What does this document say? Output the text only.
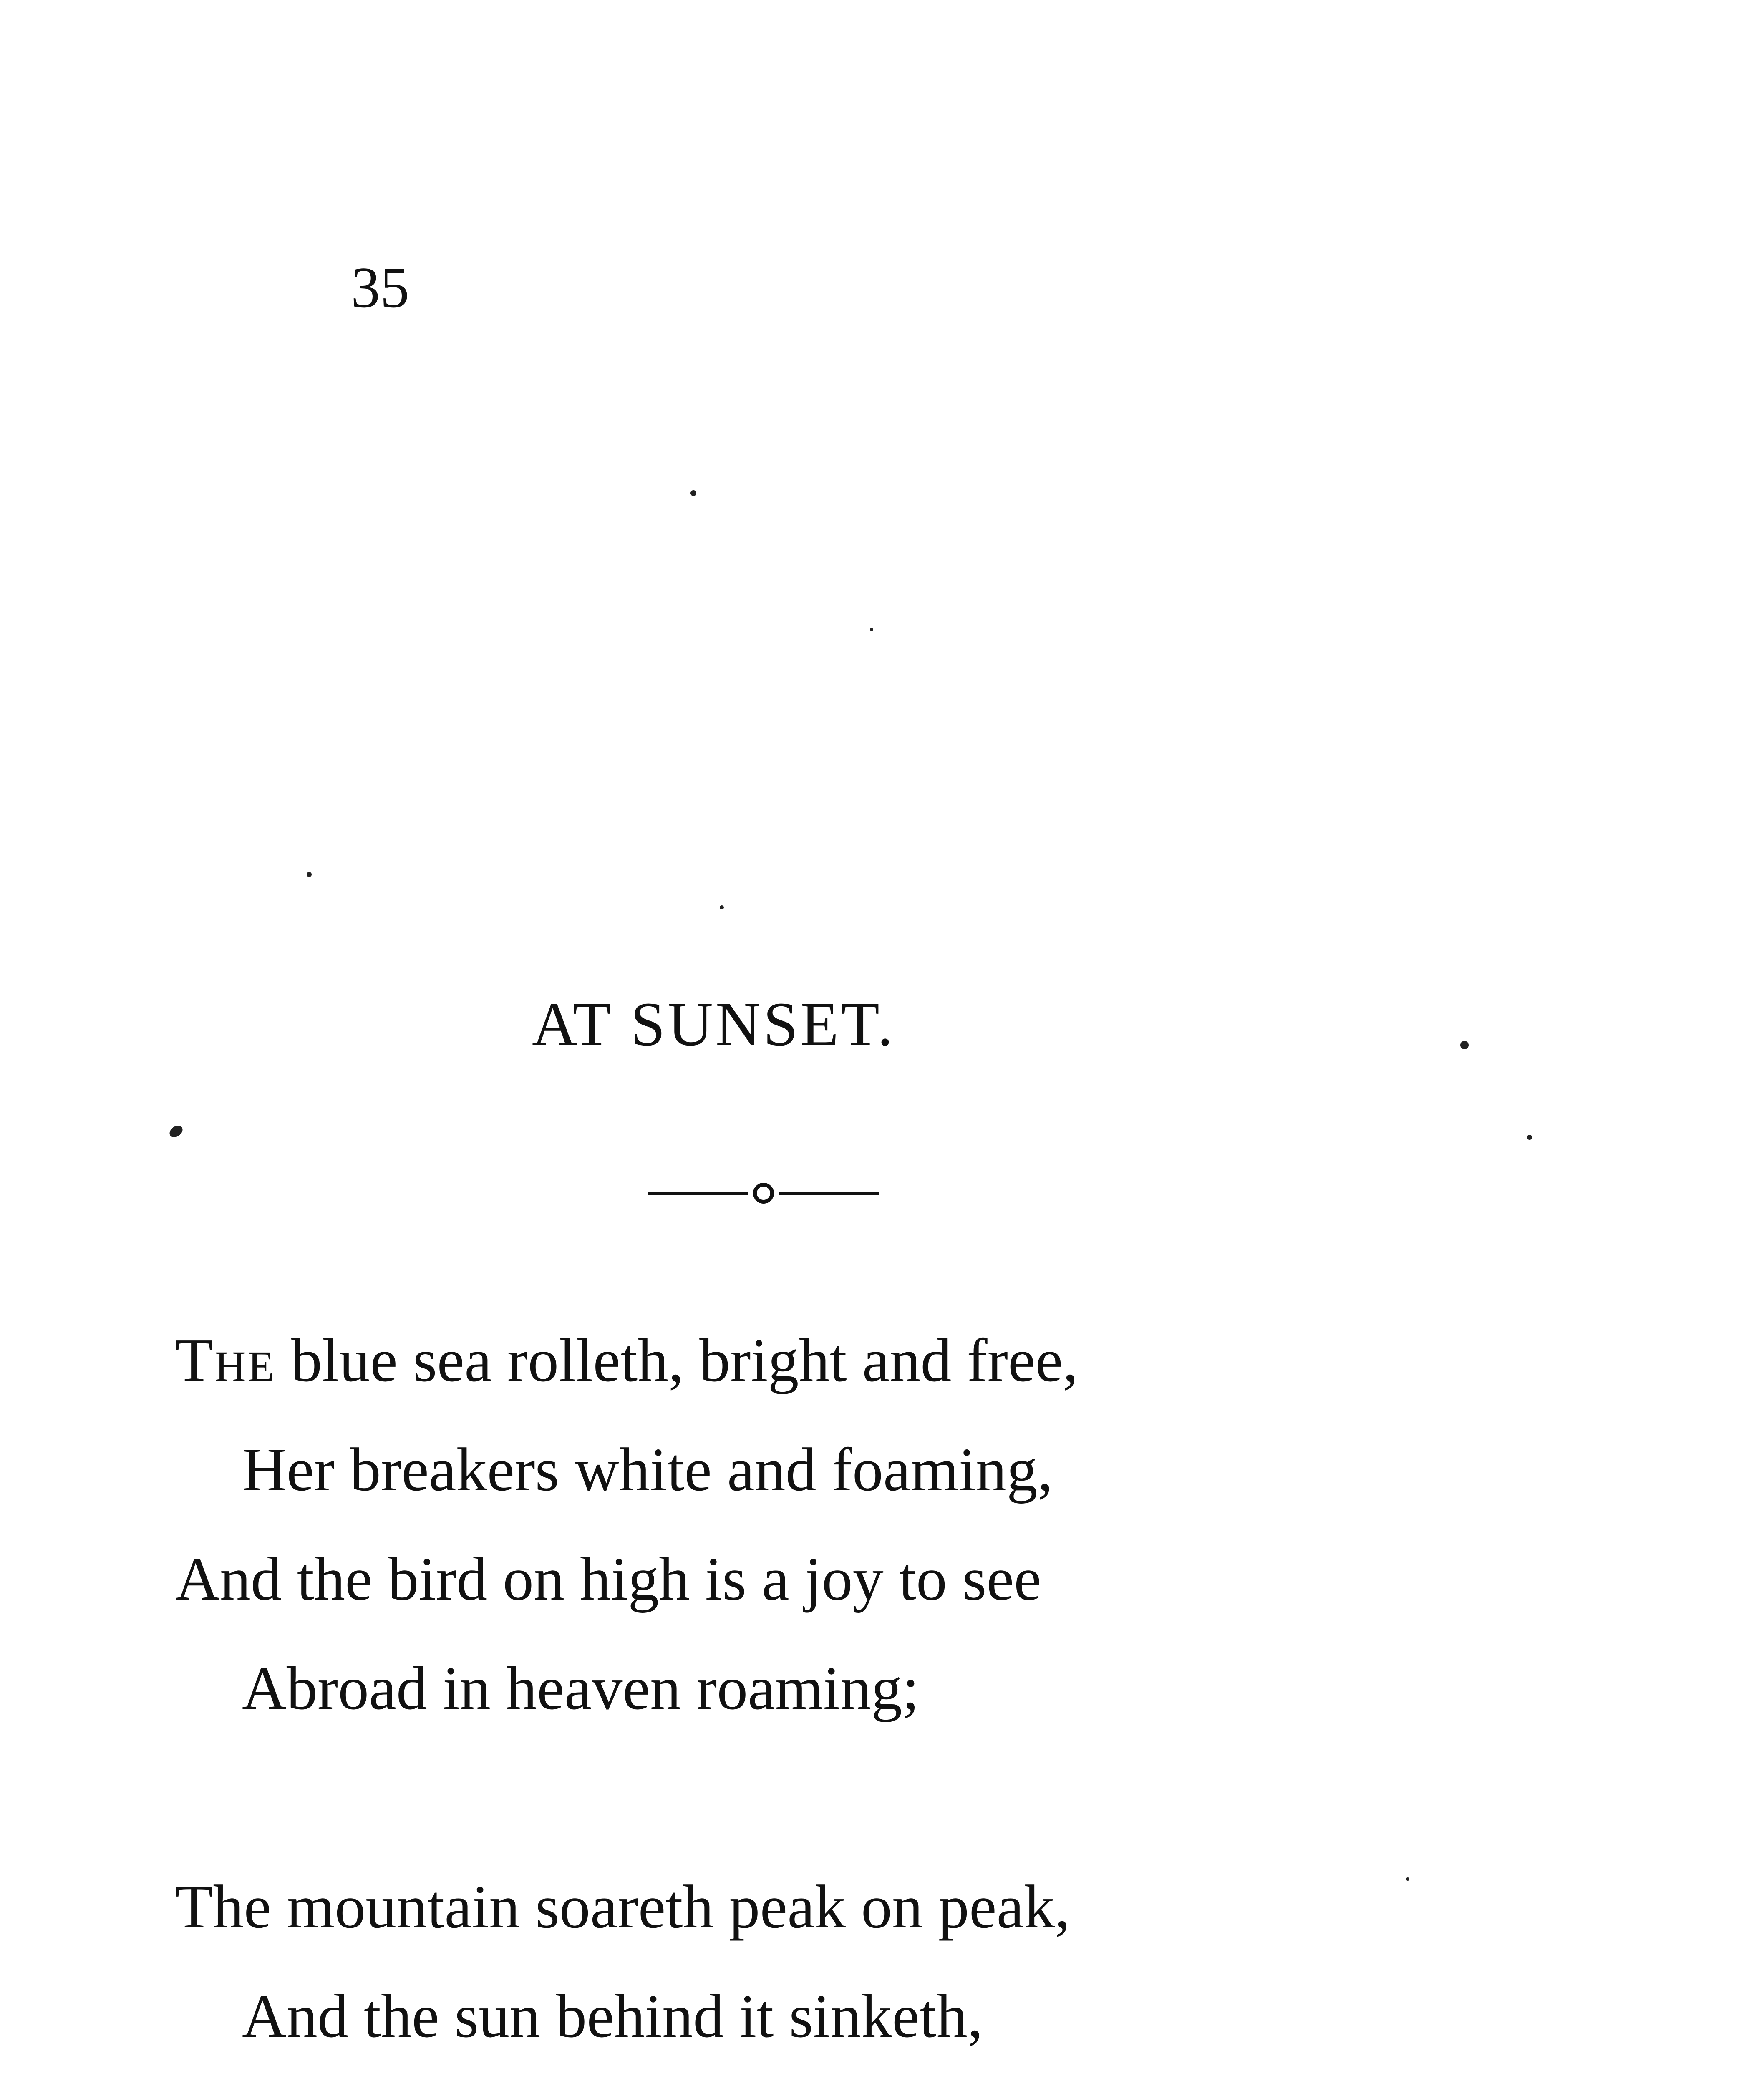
35
AT SUNSET.
The blue sea rolleth, bright and free,
Her breakers white and foaming,
And the bird on high is a joy to see
Abroad in heaven roaming;
The mountain soareth peak on peak,
And the sun behind it sinketh,
